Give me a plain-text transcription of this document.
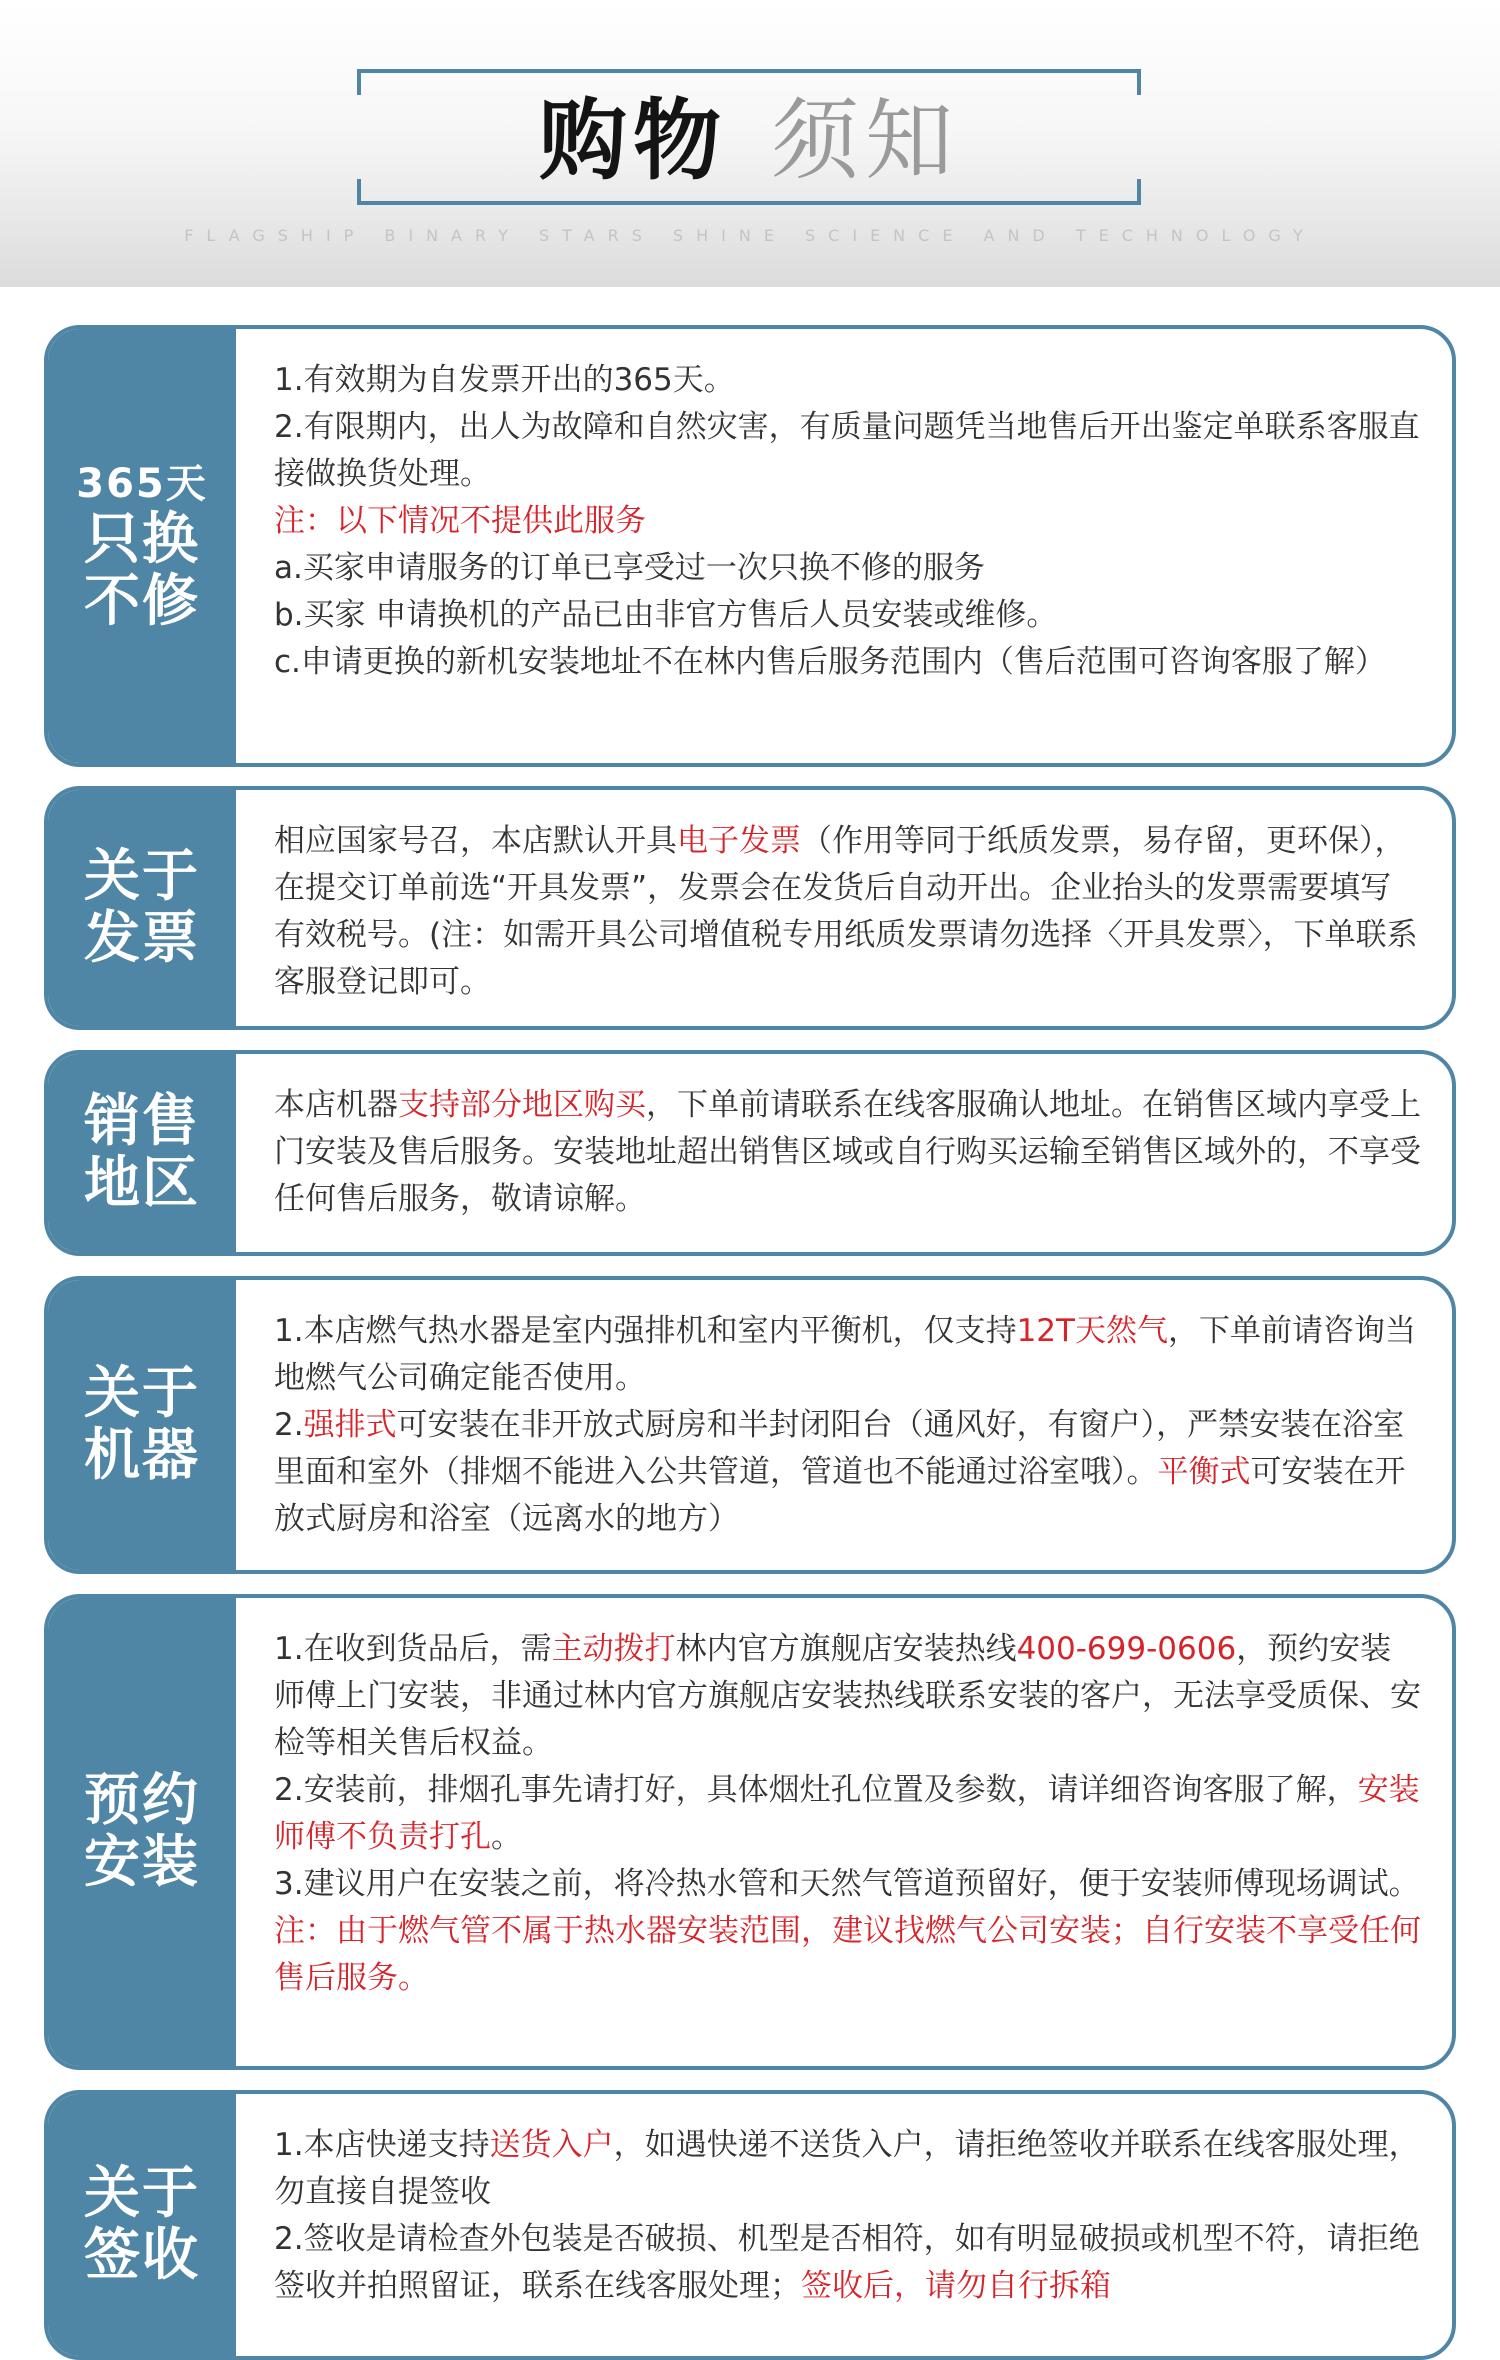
购物 须知
FLAGSHIP BINARY STARS SHINE SCIENCE AND TECHNOLOGY
365天
只换
不修

1.有效期为自发票开出的365天。

2.有限期内，出人为故障和自然灾害，有质量问题凭当地售后开出鉴定单联系客服直接做换货处理。

注：以下情况不提供此服务

a.买家申请服务的订单已享受过一次只换不修的服务

b.买家 申请换机的产品已由非官方售后人员安装或维修。

c.申请更换的新机安装地址不在林内售后服务范围内（售后范围可咨询客服了解）

关于
发票

相应国家号召，本店默认开具电子发票（作用等同于纸质发票，易存留，更环保），在提交订单前选“开具发票”，发票会在发货后自动开出。企业抬头的发票需要填写有效税号。(注：如需开具公司增值税专用纸质发票请勿选择〈开具发票〉，下单联系客服登记即可。

销售
地区

本店机器支持部分地区购买，下单前请联系在线客服确认地址。在销售区域内享受上门安装及售后服务。安装地址超出销售区域或自行购买运输至销售区域外的，不享受任何售后服务，敬请谅解。

关于
机器

1.本店燃气热水器是室内强排机和室内平衡机，仅支持12T天然气，下单前请咨询当地燃气公司确定能否使用。

2.强排式可安装在非开放式厨房和半封闭阳台（通风好，有窗户），严禁安装在浴室里面和室外（排烟不能进入公共管道，管道也不能通过浴室哦）。平衡式可安装在开放式厨房和浴室（远离水的地方）

预约
安装

1.在收到货品后，需主动拨打林内官方旗舰店安装热线400-699-0606，预约安装师傅上门安装，非通过林内官方旗舰店安装热线联系安装的客户，无法享受质保、安检等相关售后权益。

2.安装前，排烟孔事先请打好，具体烟灶孔位置及参数，请详细咨询客服了解，安装师傅不负责打孔。

3.建议用户在安装之前，将冷热水管和天然气管道预留好，便于安装师傅现场调试。

注：由于燃气管不属于热水器安装范围，建议找燃气公司安装；自行安装不享受任何售后服务。

关于
签收

1.本店快递支持送货入户，如遇快递不送货入户，请拒绝签收并联系在线客服处理，勿直接自提签收

2.签收是请检查外包装是否破损、机型是否相符，如有明显破损或机型不符，请拒绝签收并拍照留证，联系在线客服处理；签收后，请勿自行拆箱
